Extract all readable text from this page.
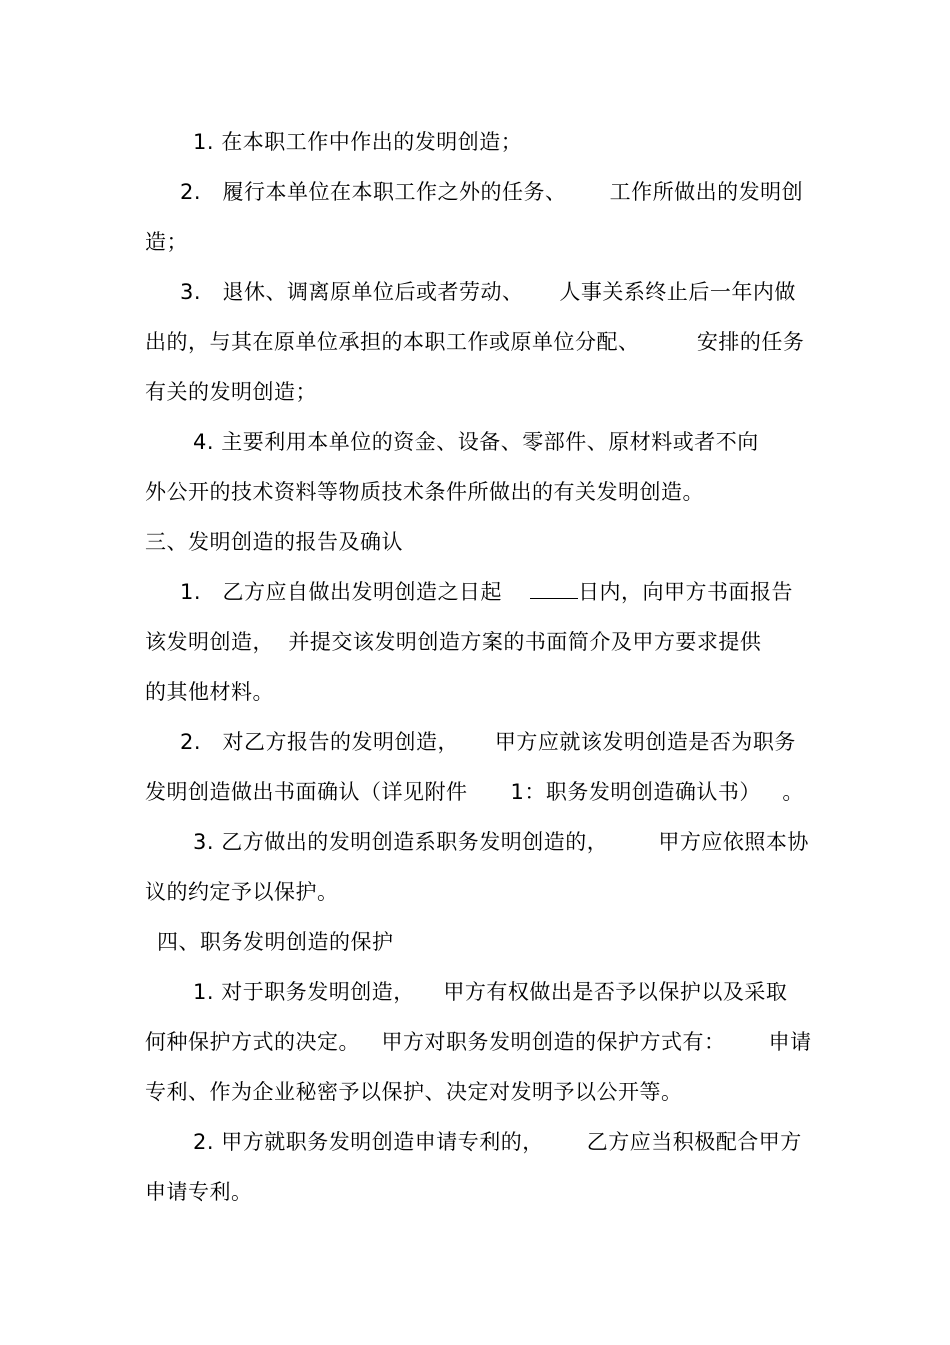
1. 在本职工作中作出的发明创造；
2.   履行本单位在本职工作之外的任务、      工作所做出的发明创
造；
3.   退休、调离原单位后或者劳动、     人事关系终止后一年内做
出的，与其在原单位承担的本职工作或原单位分配、        安排的任务
有关的发明创造；
4. 主要利用本单位的资金、设备、零部件、原材料或者不向
外公开的技术资料等物质技术条件所做出的有关发明创造。
三、发明创造的报告及确认
1.   乙方应自做出发明创造之日起	日内，向甲方书面报告
该发明创造，  并提交该发明创造方案的书面简介及甲方要求提供
的其他材料。
2.   对乙方报告的发明创造，     甲方应就该发明创造是否为职务
发明创造做出书面确认（详见附件      1：职务发明创造确认书）   。
3. 乙方做出的发明创造系职务发明创造的，       甲方应依照本协
议的约定予以保护。
四、职务发明创造的保护
1. 对于职务发明创造，    甲方有权做出是否予以保护以及采取
何种保护方式的决定。   甲方对职务发明创造的保护方式有：      申请
专利、作为企业秘密予以保护、决定对发明予以公开等。
2. 甲方就职务发明创造申请专利的，      乙方应当积极配合甲方
申请专利。
